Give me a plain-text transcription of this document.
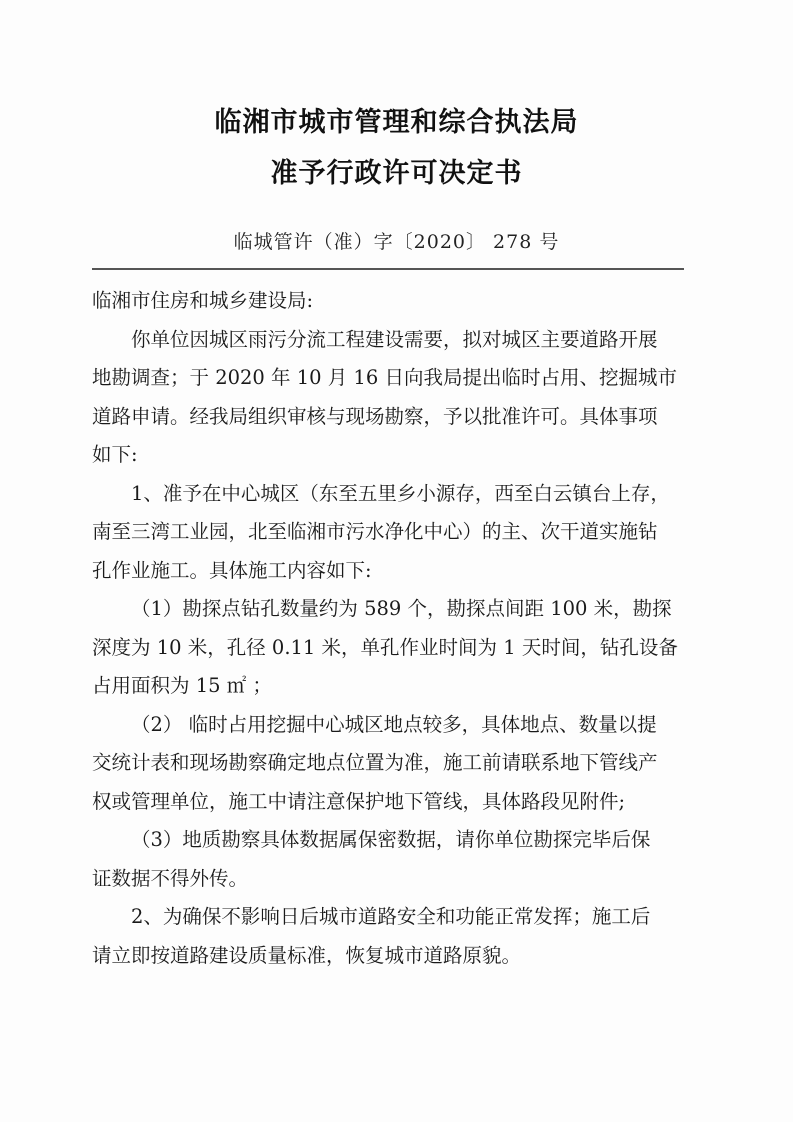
临湘市城市管理和综合执法局
准予行政许可决定书
临城管许（准）字〔2020〕 278 号

临湘市住房和城乡建设局:

你单位因城区雨污分流工程建设需要，拟对城区主要道路开展
地勘调查；于 2020 年 10 月 16 日向我局提出临时占用、挖掘城市
道路申请。经我局组织审核与现场勘察，予以批准许可。具体事项
如下:

1、准予在中心城区（东至五里乡小源存，西至白云镇台上存，
南至三湾工业园，北至临湘市污水净化中心）的主、次干道实施钻
孔作业施工。具体施工内容如下:

（1）勘探点钻孔数量约为 589 个，勘探点间距 100 米，勘探
深度为 10 米，孔径 0.11 米，单孔作业时间为 1 天时间，钻孔设备
占用面积为 15 ㎡ ；

（2） 临时占用挖掘中心城区地点较多，具体地点、数量以提
交统计表和现场勘察确定地点位置为准，施工前请联系地下管线产
权或管理单位，施工中请注意保护地下管线，具体路段见附件;

（3）地质勘察具体数据属保密数据，请你单位勘探完毕后保
证数据不得外传。

2、为确保不影响日后城市道路安全和功能正常发挥；施工后
请立即按道路建设质量标准，恢复城市道路原貌。
